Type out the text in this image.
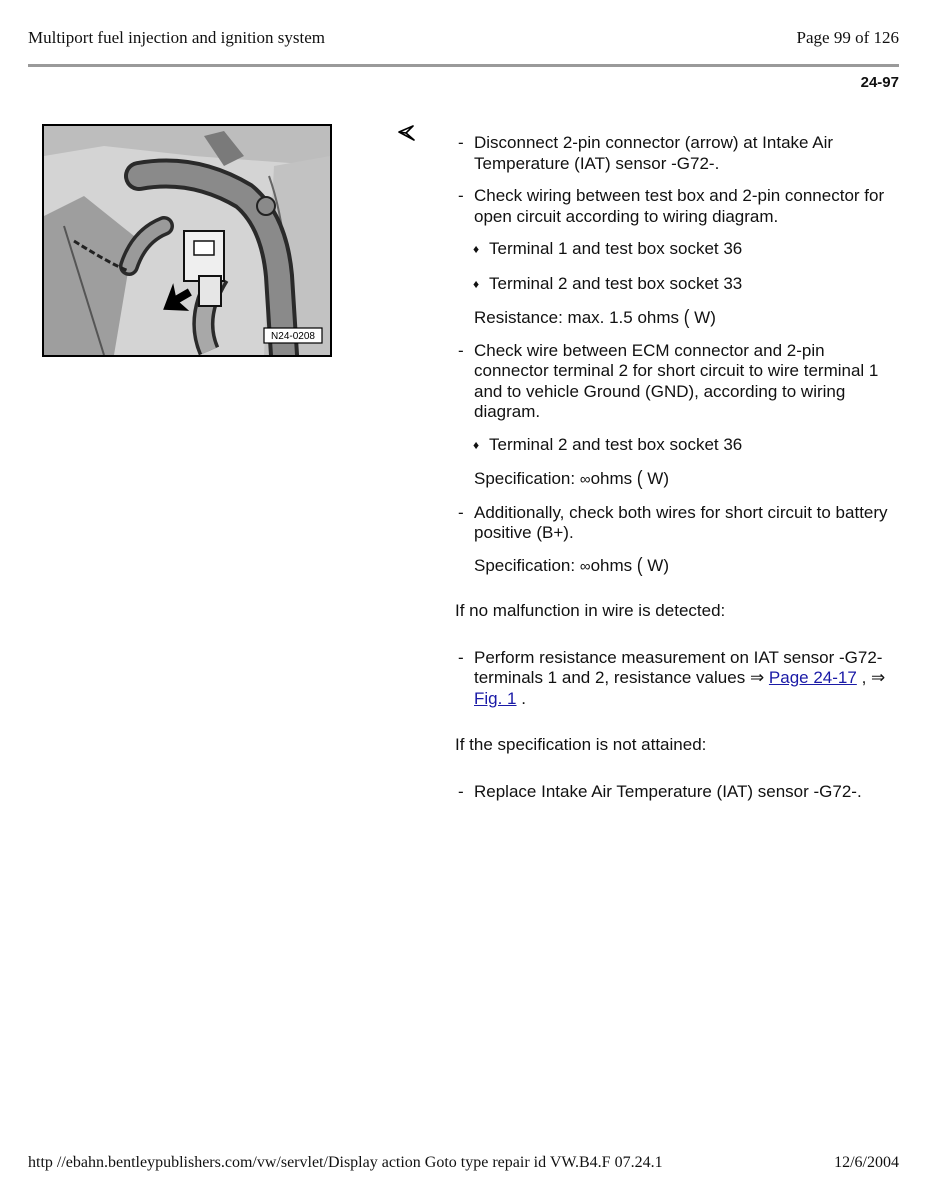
Multiport fuel injection and ignition system	Page 99 of 126
24-97
N24-0208
- Disconnect 2-pin connector (arrow) at Intake Air Temperature (IAT) sensor -G72-.
- Check wiring between test box and 2-pin connector for open circuit according to wiring diagram.
♦ Terminal 1 and test box socket 36
♦ Terminal 2 and test box socket 33
Resistance: max. 1.5 ohms ( W)
- Check wire between ECM connector and 2-pin connector terminal 2 for short circuit to wire terminal 1 and to vehicle Ground (GND), according to wiring diagram.
♦ Terminal 2 and test box socket 36
Specification: ∞ohms ( W)
- Additionally, check both wires for short circuit to battery positive (B+).
Specification: ∞ohms ( W)
If no malfunction in wire is detected:
- Perform resistance measurement on IAT sensor -G72- terminals 1 and 2, resistance values ⇒ Page 24-17 , ⇒ Fig. 1 .
If the specification is not attained:
- Replace Intake Air Temperature (IAT) sensor -G72-.
http //ebahn.bentleypublishers.com/vw/servlet/Display action Goto type repair id VW.B4.F 07.24.1	12/6/2004
